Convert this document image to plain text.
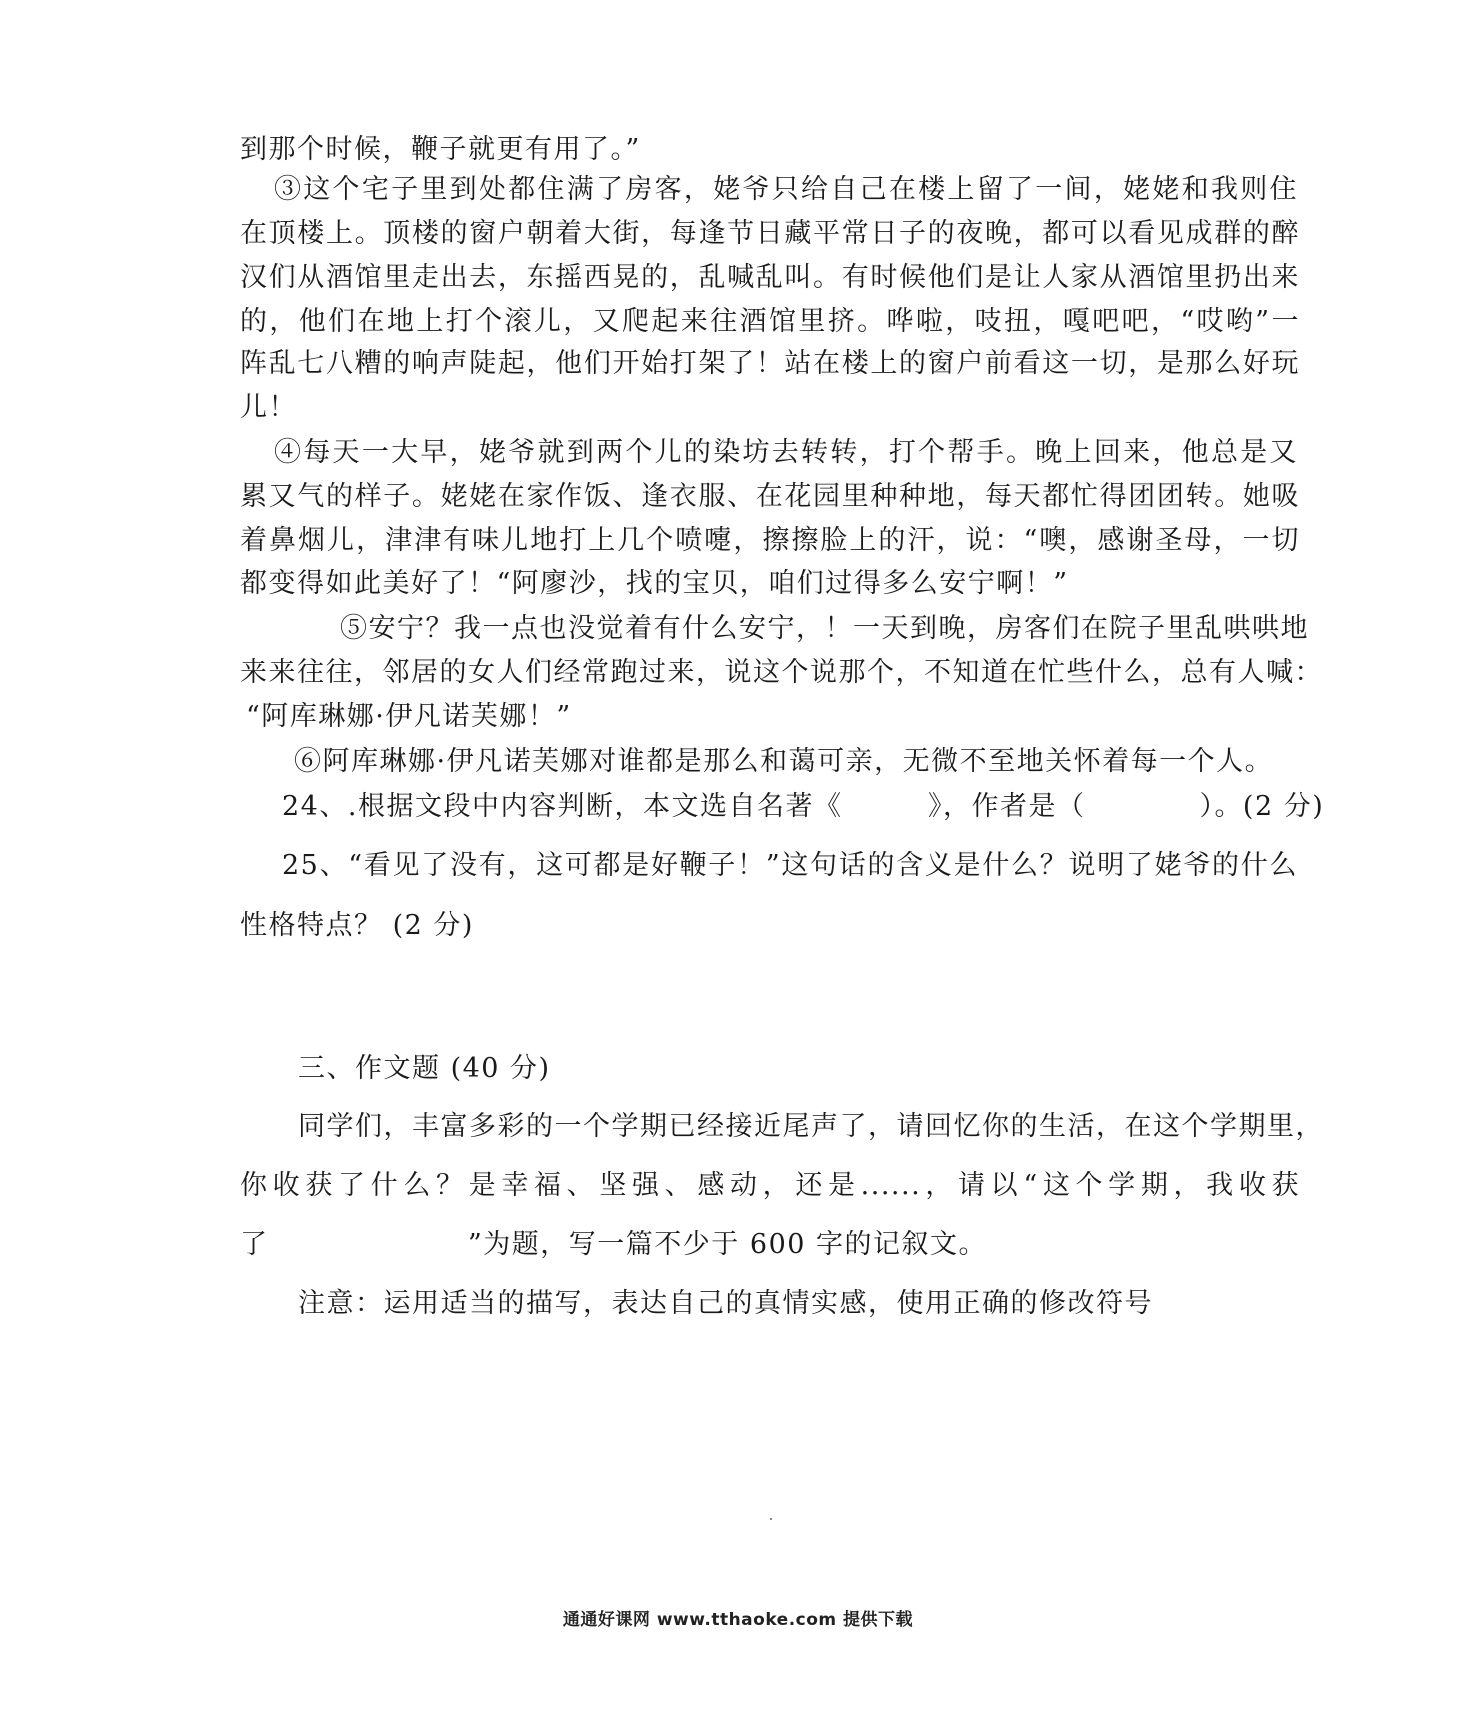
到那个时候，鞭子就更有用了。”
③这个宅子里到处都住满了房客，姥爷只给自己在楼上留了一间，姥姥和我则住
在顶楼上。顶楼的窗户朝着大街，每逢节日藏平常日子的夜晚，都可以看见成群的醉
汉们从酒馆里走出去，东摇西晃的，乱喊乱叫。有时候他们是让人家从酒馆里扔出来
的，他们在地上打个滚儿，又爬起来往酒馆里挤。哗啦，吱扭，嘎吧吧，“哎哟”一
阵乱七八糟的响声陡起，他们开始打架了！站在楼上的窗户前看这一切，是那么好玩
儿！
④每天一大早，姥爷就到两个儿的染坊去转转，打个帮手。晚上回来，他总是又
累又气的样子。姥姥在家作饭、逢衣服、在花园里种种地，每天都忙得团团转。她吸
着鼻烟儿，津津有味儿地打上几个喷嚏，擦擦脸上的汗，说：“噢，感谢圣母，一切
都变得如此美好了！“阿廖沙，找的宝贝，咱们过得多么安宁啊！”
⑤安宁？我一点也没觉着有什么安宁，！一天到晚，房客们在院子里乱哄哄地
来来往往，邻居的女人们经常跑过来，说这个说那个，不知道在忙些什么，总有人喊：
“阿库琳娜·伊凡诺芙娜！”
⑥阿库琳娜·伊凡诺芙娜对谁都是那么和蔼可亲，无微不至地关怀着每一个人。
24、.根据文段中内容判断，本文选自名著《　　　》，作者是（　　　　）。(2 分)
25、“看见了没有，这可都是好鞭子！”这句话的含义是什么？说明了姥爷的什么
性格特点？ (2 分)
三、作文题 (40 分)
同学们，丰富多彩的一个学期已经接近尾声了，请回忆你的生活，在这个学期里，
你收获了什么？是幸福、坚强、感动，还是......，请以“这个学期，我收获
了　　　　　　　”为题，写一篇不少于 600 字的记叙文。
注意：运用适当的描写，表达自己的真情实感，使用正确的修改符号
通通好课网 www.tthaoke.com 提供下载
